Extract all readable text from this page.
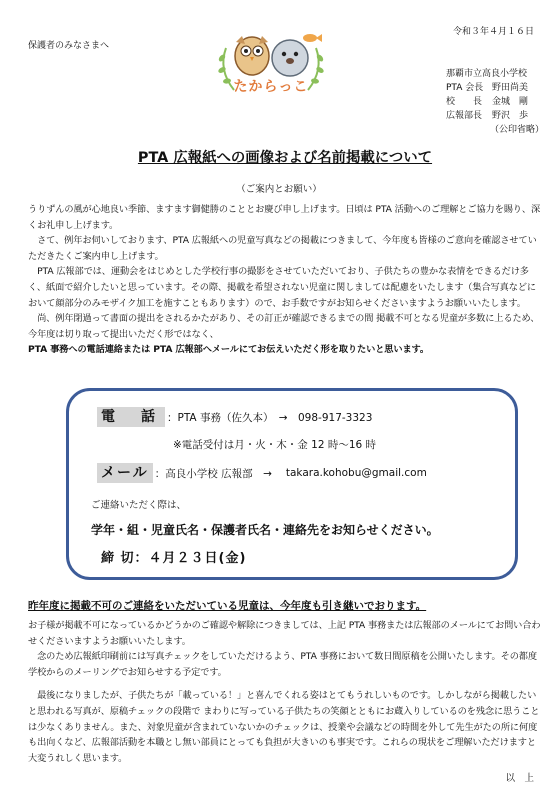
令和３年４月１６日
保護者のみなさまへ
たからっこ
那覇市立高良小学校
PTA 会長 野田尚美
校　　長	金城　剛
広報部長	野沢　歩
（公印省略）
PTA 広報紙への画像および名前掲載について
（ご案内とお願い）

うりずんの風が心地良い季節、ますます御健勝のこととお慶び申し上げます。日頃は PTA 活動へのご理解とご協力を賜り、深くお礼申し上げます。

　さて、例年お伺いしております、PTA 広報紙への児童写真などの掲載につきまして、今年度も皆様のご意向を確認させていただきたくご案内申し上げます。

　PTA 広報部では、運動会をはじめとした学校行事の撮影をさせていただいており、子供たちの豊かな表情をできるだけ多く、紙面で紹介したいと思っています。その際、掲載を希望されない児童に関しましては配慮をいたします（集合写真などにおいて顔部分のみモザイク加工を施すこともあります）ので、お手数ですがお知らせくださいますようお願いいたします。

　尚、例年閉過って書面の提出をされるかたがあり、その訂正が確認できるまでの間 掲載不可となる児童が多数に上るため、今年度は切り取って提出いただく形ではなく、

PTA 事務への電話連絡または PTA 広報部へメールにてお伝えいただく形を取りたいと思います。

電　話 ：PTA 事務（佐久本）　→　098-917-3323
※電話受付は月・火・木・金 12 時～16 時
メール ：高良小学校 広報部　→ takara.kohobu@gmail.com
ご連絡いただく際は、
学年・組・児童氏名・保護者氏名・連絡先をお知らせください。
締 切：４月２３日(金)
昨年度に掲載不可のご連絡をいただいている児童は、今年度も引き継いでおります。

お子様が掲載不可になっているかどうかのご確認や解除につきましては、上記 PTA 事務または広報部のメールにてお問い合わせくださいますようお願いいたします。

　念のため広報紙印刷前には写真チェックをしていただけるよう、PTA 事務において数日間原稿を公開いたします。その都度学校からのメーリングでお知らせする予定です。

　最後になりましたが、子供たちが「載っている！」と喜んでくれる姿はとてもうれしいものです。しかしながら掲載したいと思われる写真が、原稿チェックの段階で まわりに写っている子供たちの笑顔とともにお蔵入りしているのを残念に思うことは少なくありません。また、対象児童が含まれていないかのチェックは、授業や会議などの時間を外して先生がたの所に何度も出向くなど、広報部活動を本職とし無い部員にとっても負担が大きいのも事実です。これらの現状をご理解いただけますと大変うれしく思います。

以　上
